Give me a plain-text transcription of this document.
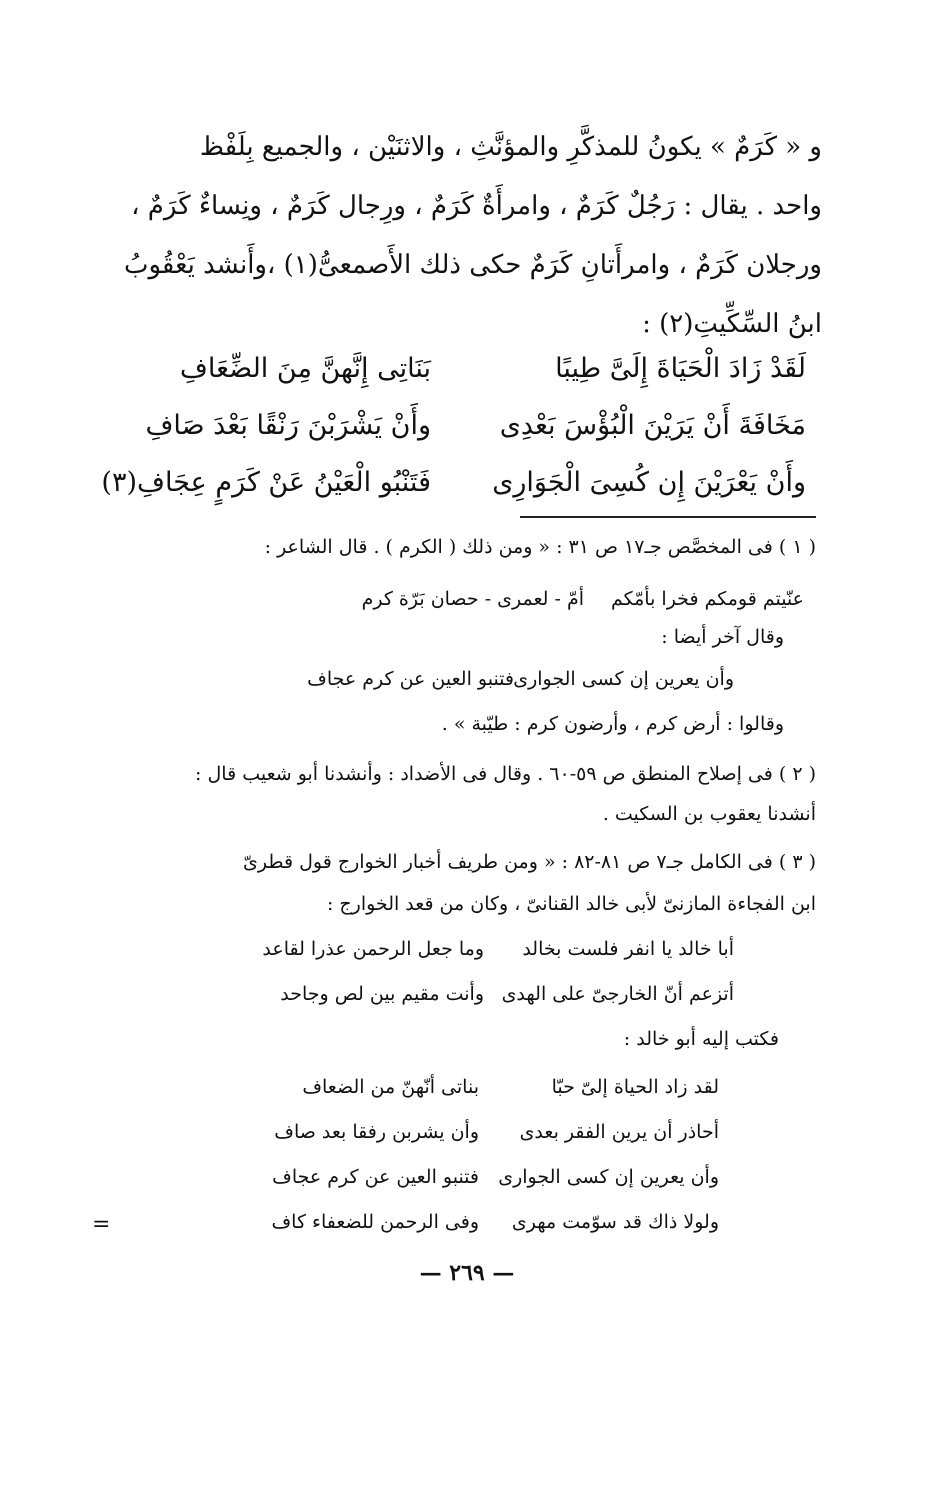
و « كَرَمٌ » يكونُ للمذكَّرِ والمؤنَّثِ ، والاثنَيْن ، والجميع بِلَفْظ

واحد . يقال : رَجُلٌ كَرَمٌ ، وامرأَةٌ كَرَمٌ ، ورِجال كَرَمٌ ، ونِساءٌ كَرَمٌ ،

ورجلان كَرَمٌ ، وامرأَتانِ كَرَمٌ حكى ذلك الأَصمعىُّ(١) ،وأَنشد يَعْقُوبُ

ابنُ السِّكِّيتِ(٢) :

لَقَدْ زَادَ الْحَيَاةَ إِلَىَّ طِيبًا
بَنَاتِى إِنَّهنَّ مِنَ الضِّعَافِ
مَخَافَةَ أَنْ يَرَيْنَ الْبُؤْسَ بَعْدِى
وأَنْ يَشْرَبْنَ رَنْقًا بَعْدَ صَافِ
وأَنْ يَعْرَيْنَ إِن كُسِىَ الْجَوَارِى
فَتَنْبُو الْعَيْنُ عَنْ كَرَمٍ عِجَافِ(٣)

( ١ ) فى المخصَّص جـ١٧ ص ٣١ : « ومن ذلك ( الكرم ) . قال الشاعر :

عنّيتم قومكم فخرا بأمّكم
أمّ - لعمرى - حصان بَرّة كرم
وقال آخر أيضا :
وأن يعرين إن كسى الجوارى
فتنبو العين عن كرم عجاف
وقالوا : أرض كرم ، وأرضون كرم : طيّبة » .
( ٢ ) فى إصلاح المنطق ص ٥٩-٦٠ . وقال فى الأضداد : وأنشدنا أبو شعيب قال :
أنشدنا يعقوب بن السكيت .
( ٣ ) فى الكامل جـ٧ ص ٨١-٨٢ : « ومن طريف أخبار الخوارج قول قطرىّ
ابن الفجاءة المازنىّ لأبى خالد القنانىّ ، وكان من قعد الخوارج :
أبا خالد يا انفر فلست بخالد
وما جعل الرحمن عذرا لقاعد
أتزعم أنّ الخارجىّ على الهدى
وأنت مقيم بين لص وجاحد
فكتب إليه أبو خالد :
لقد زاد الحياة إلىّ حبّا
بناتى أنّهنّ من الضعاف
أحاذر أن يرين الفقر بعدى
وأن يشربن رفقا بعد صاف
وأن يعرين إن كسى الجوارى
فتنبو العين عن كرم عجاف
ولولا ذاك قد سوّمت مهرى
وفى الرحمن للضعفاء كاف
=
— ٢٦٩ —
